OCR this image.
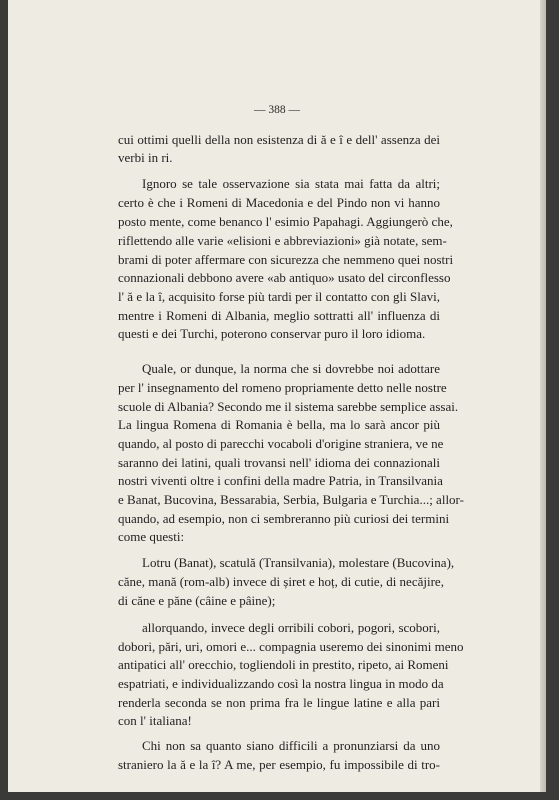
— 388 —
cui ottimi quelli della non esistenza di ă e î e dell' assenza dei
verbi in ri.
Ignoro se tale osservazione sia stata mai fatta da altri;
certo è che i Romeni di Macedonia e del Pindo non vi hanno
posto mente, come benanco l' esimio Papahagi. Aggiungerò che,
riflettendo alle varie «elisioni e abbreviazioni» già notate, sem-
brami di poter affermare con sicurezza che nemmeno quei nostri
connazionali debbono avere «ab antiquo» usato del circonflesso
l' ă e la î, acquisito forse più tardi per il contatto con gli Slavi,
mentre i Romeni di Albania, meglio sottratti all' influenza di
questi e dei Turchi, poterono conservar puro il loro idioma.
Quale, or dunque, la norma che si dovrebbe noi adottare
per l' insegnamento del romeno propriamente detto nelle nostre
scuole di Albania? Secondo me il sistema sarebbe semplice assai.
La lingua Romena di Romania è bella, ma lo sarà ancor più
quando, al posto di parecchi vocaboli d'origine straniera, ve ne
saranno dei latini, quali trovansi nell' idioma dei connazionali
nostri viventi oltre i confini della madre Patria, in Transilvania
e Banat, Bucovina, Bessarabia, Serbia, Bulgaria e Turchia...; allor-
quando, ad esempio, non ci sembreranno più curiosi dei termini
come questi:
Lotru (Banat), scatulă (Transilvania), molestare (Bucovina),
căne, mană (rom-alb) invece di șiret e hoț, di cutie, di necăjire,
di căne e păne (câine e pâine);
allorquando, invece degli orribili cobori, pogori, scobori,
dobori, pări, uri, omori e... compagnia useremo dei sinonimi meno
antipatici all' orecchio, togliendoli in prestito, ripeto, ai Romeni
espatriati, e individualizzando così la nostra lingua in modo da
renderla seconda se non prima fra le lingue latine e alla pari
con l' italiana!
Chi non sa quanto siano difficili a pronunziarsi da uno
straniero la ă e la î? A me, per esempio, fu impossibile di tro-
